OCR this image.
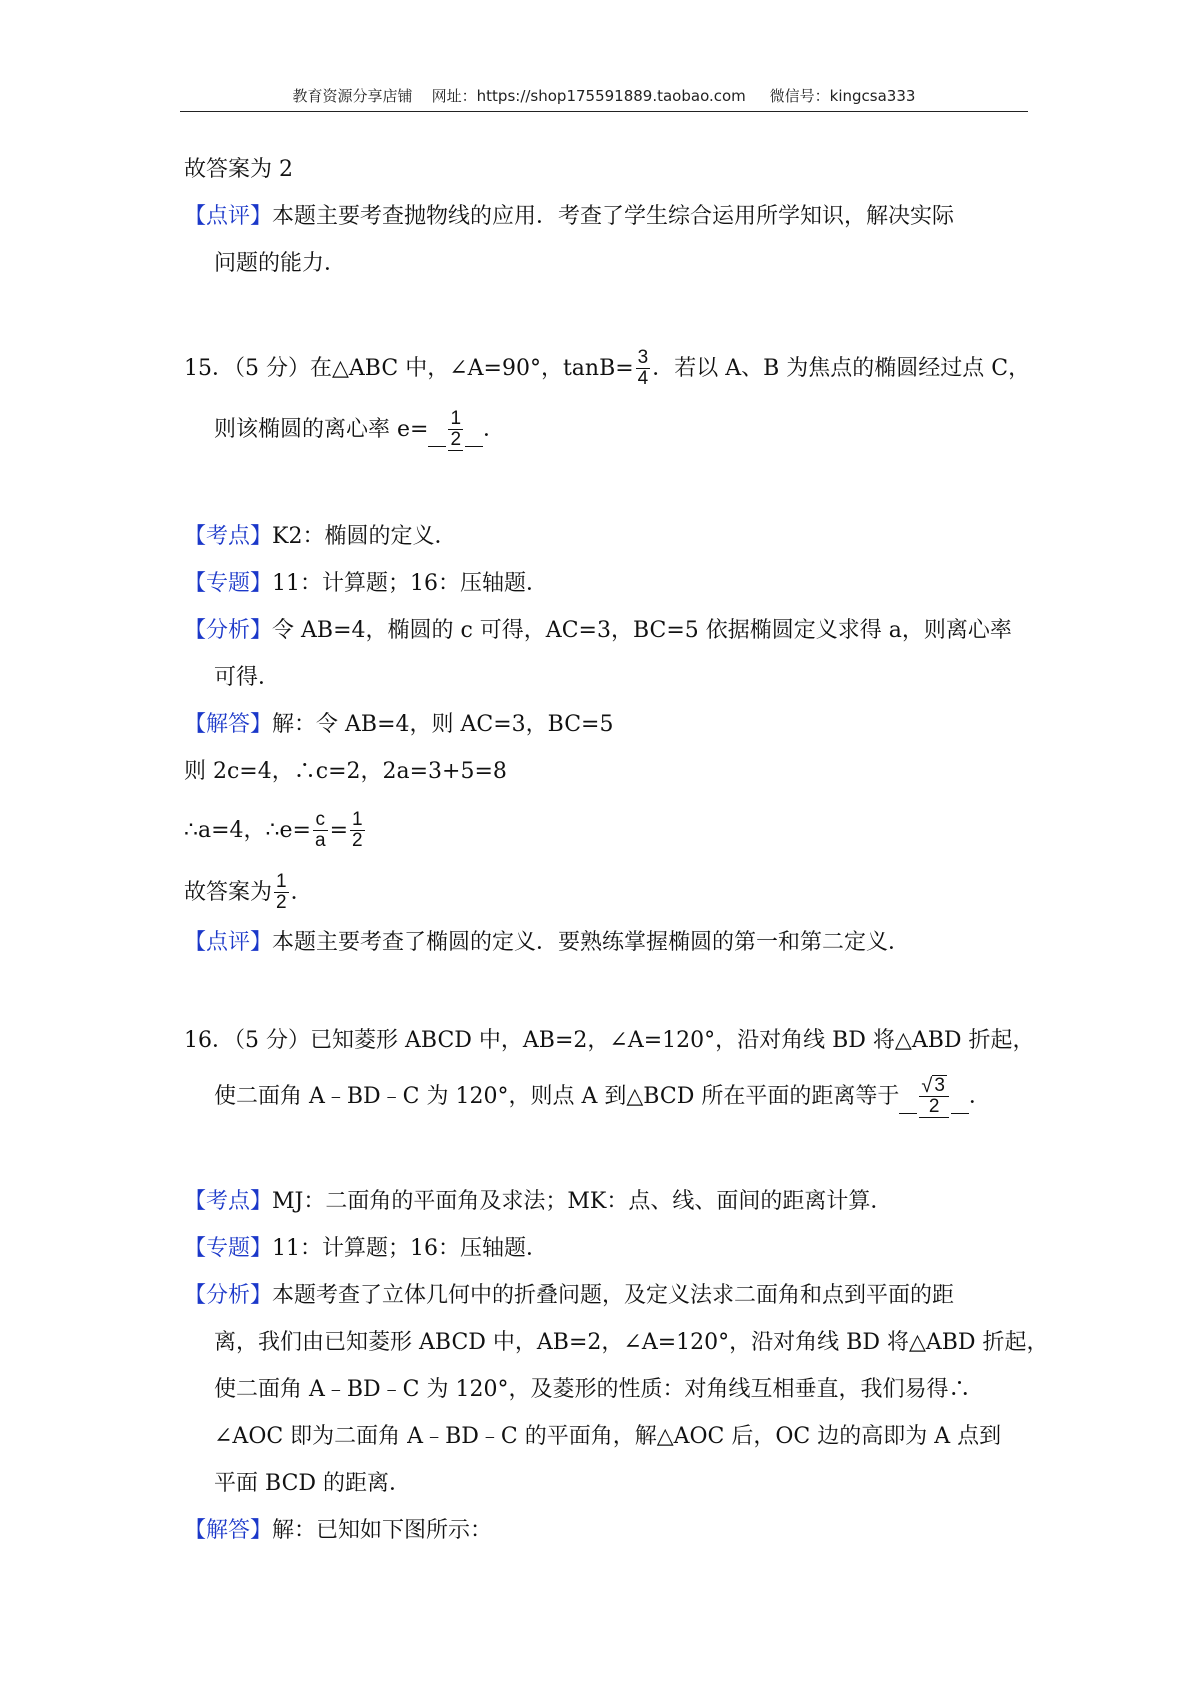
教育资源分享店铺 网址：https://shop175591889.taobao.com 微信号：kingcsa333
故答案为 2
【点评】 本题主要考查抛物线的应用．考查了学生综合运用所学知识，解决实际
问题的能力．
15．（5 分）在△ABC 中，∠A=90°，$\tan B= \frac{3}{4}$ ．若以 A、B 为焦点的椭圆经过点 C，
则该椭圆的离心率 $e= \frac{1}{2}$ ．
【考点】 K2：椭圆的定义．
【专题】 11：计算题；16：压轴题．
【分析】 令 AB=4，椭圆的 c 可得，AC=3，BC=5 依据椭圆定义求得 a，则离心率
可得．
【解答】 解：令 AB=4，则 AC=3，BC=5
则 2c=4，∴c=2，2a=3+5=8
∴a=4，∴e= $\frac{c}{a} = \frac{1}{2}$
故答案为 $\frac{1}{2}$ ．
【点评】 本题主要考查了椭圆的定义．要熟练掌握椭圆的第一和第二定义．
16．（5 分）已知菱形 ABCD 中，AB=2，∠A=120°，沿对角线 BD 将△ABD 折起，
使二面角 A﹣BD﹣C 为 120°，则点 A 到△BCD 所在平面的距离等于 $\frac{√ 3}{2}$ ．
【考点】 MJ：二面角的平面角及求法；MK：点、线、面间的距离计算．
【专题】 11：计算题；16：压轴题．
【分析】 本题考查了立体几何中的折叠问题，及定义法求二面角和点到平面的距
离，我们由已知菱形 ABCD 中，AB=2，∠A=120°，沿对角线 BD 将△ABD 折起，
使二面角 A﹣BD﹣C 为 120°，及菱形的性质：对角线互相垂直，我们易得∴
∠AOC 即为二面角 A﹣BD﹣C 的平面角，解△AOC 后，OC 边的高即为 A 点到
平面 BCD 的距离．
【解答】 解：已知如下图所示：
